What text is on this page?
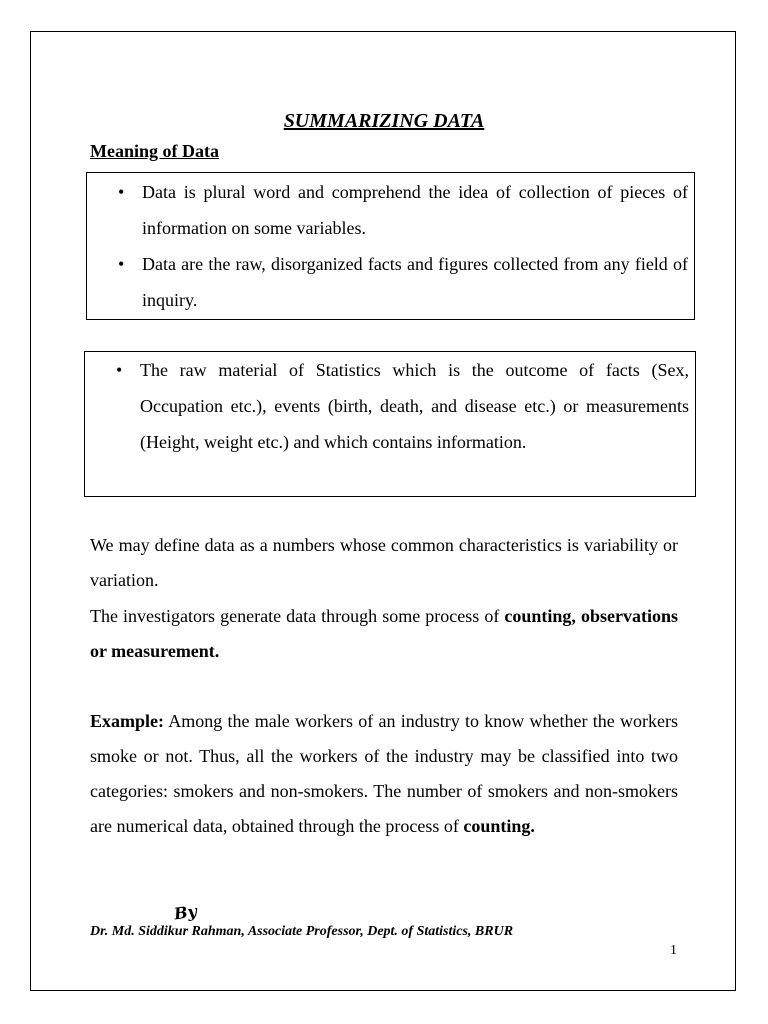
SUMMARIZING DATA
Meaning of Data
• Data is plural word and comprehend the idea of collection of pieces of information on some variables.
• Data are the raw, disorganized facts and figures collected from any field of inquiry.
• The raw material of Statistics which is the outcome of facts (Sex, Occupation etc.), events (birth, death, and disease etc.) or measurements (Height, weight etc.) and which contains information.

We may define data as a numbers whose common characteristics is variability or variation.

The investigators generate data through some process of counting, observations or measurement.

Example: Among the male workers of an industry to know whether the workers smoke or not. Thus, all the workers of the industry may be classified into two categories: smokers and non-smokers. The number of smokers and non-smokers are numerical data, obtained through the process of counting.

By
Dr. Md. Siddikur Rahman, Associate Professor, Dept. of Statistics, BRUR
1
